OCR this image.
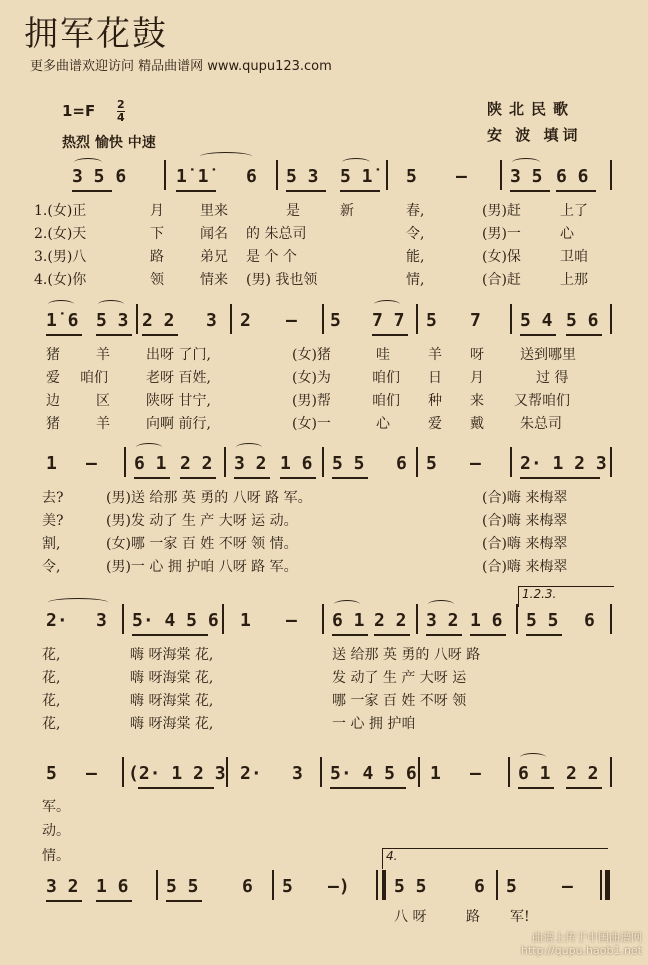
拥军花鼓
更多曲谱欢迎访问 精品曲谱网 www.qupu123.com
1=F 2
4
热烈 愉快 中速
陕北民歌
安 波 填词
3 5 6	1̇ 1̇ 6 5 3 5 1̇ 5 – 3 5 6 6
1.(女)正	月	里来	是	新	春,	(男)赶	上了
2.(女)天	下	闻名 的 朱总司	令,	(男)一	心
3.(男)八	路	弟兄 是 个 个	能,	(女)保	卫咱
4.(女)你	领	情来 (男) 我也领	情,	(合)赶	上那
1̇ 6 5 3 2 2 3 2 – 5 7 7 5 7 5 4 5 6
猪	羊	出呀 了门,	(女)猪	哇	羊 呀	送到哪里
爱 咱们	老呀 百姓,	(女)为	咱们 日 月	过 得
边	区	陕呀 甘宁,	(男)帮	咱们 种 来 又帮咱们
猪	羊	向啊 前行,	(女)一	心	爱 戴	朱总司
1 – 6 1 2 2 3 2 1 6 5 5 6 5 – 2· 1 2 3
去?	(男)送 给那 英 勇的 八呀 路 军。	(合)嗨 来梅翠
美?	(男)发 动了 生 产 大呀 运 动。	(合)嗨 来梅翠
割,	(女)哪 一家 百 姓 不呀 领 情。	(合)嗨 来梅翠
令,	(男)一 心 拥 护咱 八呀 路 军。	(合)嗨 来梅翠
1.2.3.
2· 3 5· 4 5 6 1 – 6 1 2 2 3 2 1 6 5 5 6
花,	嗨 呀海棠 花,	送 给那 英 勇的 八呀 路
花,	嗨 呀海棠 花,	发 动了 生 产 大呀 运
花,	嗨 呀海棠 花,	哪 一家 百 姓 不呀 领
花,	嗨 呀海棠 花,	一 心 拥 护咱
5 – (2· 1 2 3 2· 3 5· 4 5 6 1 – 6 1 2 2
军。
动。
情。	4.
3 2 1 6 5 5 6 5 –) 5 5	6 5	–
八 呀	路 军!
曲谱上传于中国曲谱网
http://qupu.haob1.net
